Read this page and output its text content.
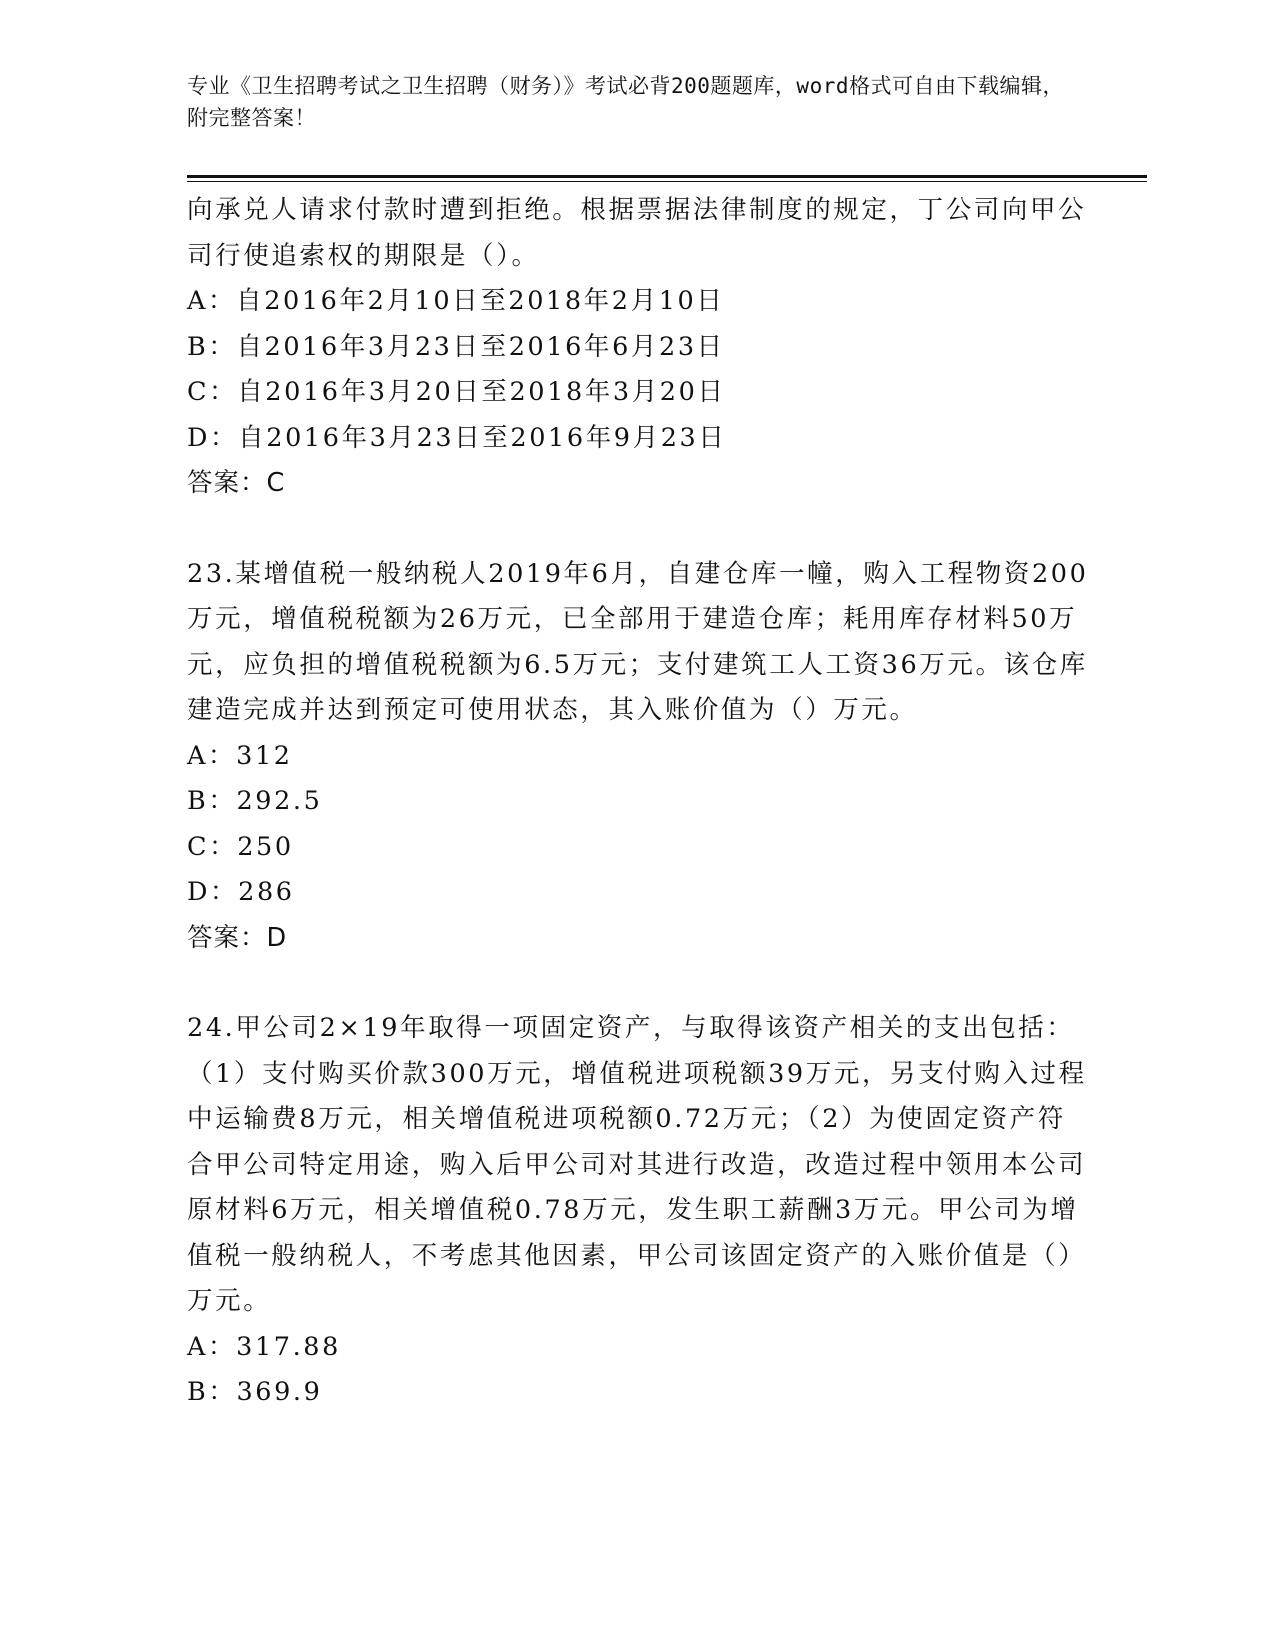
专业《卫生招聘考试之卫生招聘（财务）》考试必背200题题库，word格式可自由下载编辑，附完整答案！

向承兑人请求付款时遭到拒绝。根据票据法律制度的规定，丁公司向甲公司行使追索权的期限是（）。

A：自2016年2月10日至2018年2月10日

B：自2016年3月23日至2016年6月23日

C：自2016年3月20日至2018年3月20日

D：自2016年3月23日至2016年9月23日

答案：C

23.某增值税一般纳税人2019年6月，自建仓库一幢，购入工程物资200万元，增值税税额为26万元，已全部用于建造仓库；耗用库存材料50万元，应负担的增值税税额为6.5万元；支付建筑工人工资36万元。该仓库建造完成并达到预定可使用状态，其入账价值为（）万元。

A：312

B：292.5

C：250

D：286

答案：D

24.甲公司2×19年取得一项固定资产，与取得该资产相关的支出包括：（1）支付购买价款300万元，增值税进项税额39万元，另支付购入过程中运输费8万元，相关增值税进项税额0.72万元；（2）为使固定资产符合甲公司特定用途，购入后甲公司对其进行改造，改造过程中领用本公司原材料6万元，相关增值税0.78万元，发生职工薪酬3万元。甲公司为增值税一般纳税人，不考虑其他因素，甲公司该固定资产的入账价值是（）万元。

A：317.88

B：369.9
